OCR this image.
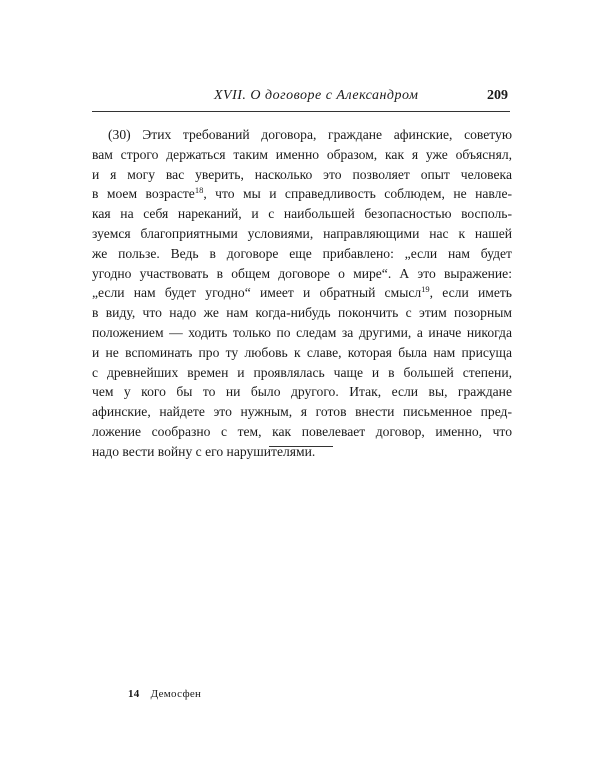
XVII. О договоре с Александром	209
(30) Этих требований договора, граждане афинские, советую
вам строго держаться таким именно образом, как я уже объяснял,
и я могу вас уверить, насколько это позволяет опыт человека
в моем возрасте$^{18}$, что мы и справедливость соблюдем, не навле-
кая на себя нареканий, и с наибольшей безопасностью восполь-
зуемся благоприятными условиями, направляющими нас к нашей
же пользе. Ведь в договоре еще прибавлено: „если нам будет
угодно участвовать в общем договоре о мире“. А это выражение:
„если нам будет угодно“ имеет и обратный смысл$^{19}$, если иметь
в виду, что надо же нам когда-нибудь покончить с этим позорным
положением — ходить только по следам за другими, а иначе никогда
и не вспоминать про ту любовь к славе, которая была нам присуща
с древнейших времен и проявлялась чаще и в большей степени,
чем у кого бы то ни было другого. Итак, если вы, граждане
афинские, найдете это нужным, я готов внести письменное пред-
ложение сообразно с тем, как повелевает договор, именно, что
надо вести войну с его нарушителями.
14 Демосфен
